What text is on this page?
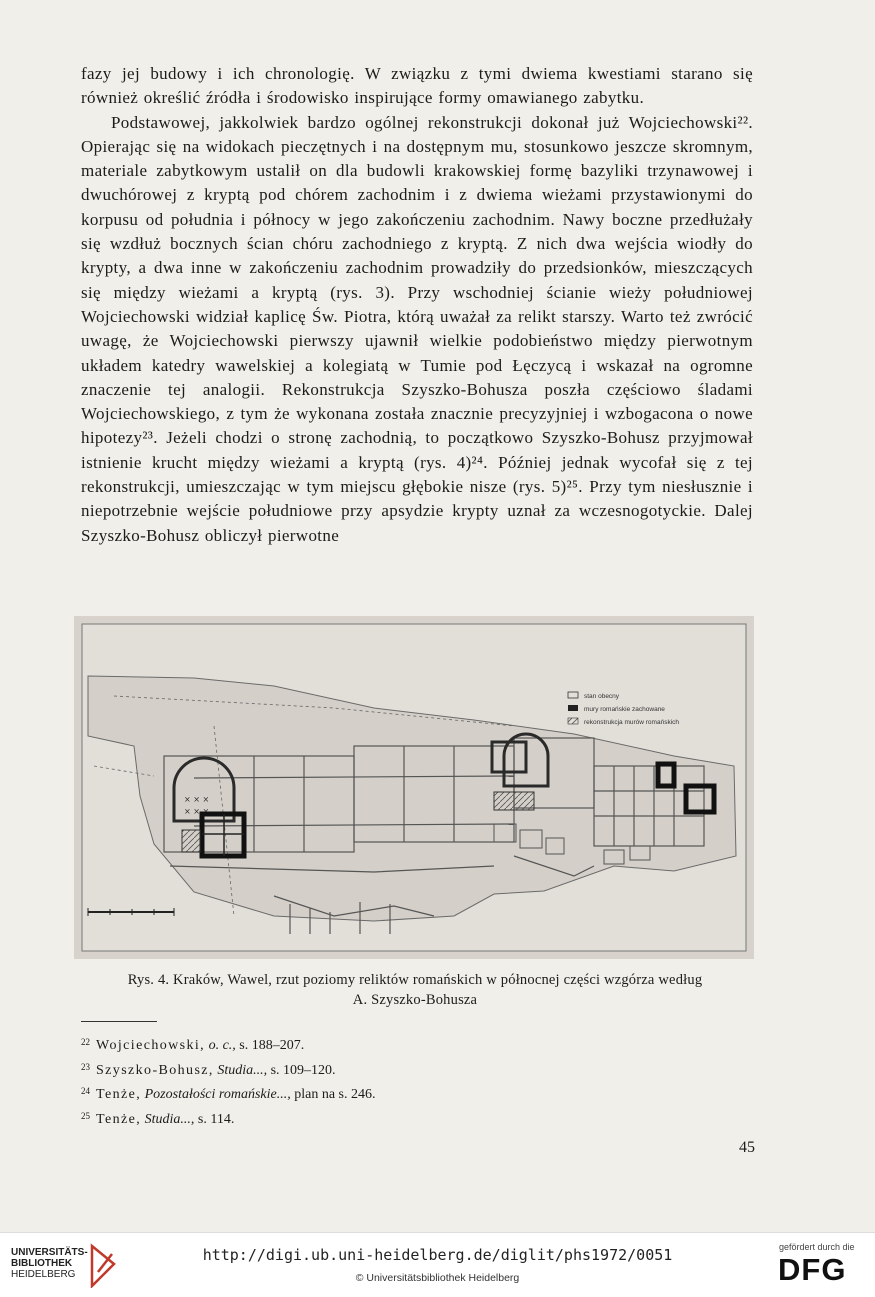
fazy jej budowy i ich chronologię. W związku z tymi dwiema kwestiami starano się również określić źródła i środowisko inspirujące formy omawianego zabytku.

Podstawowej, jakkolwiek bardzo ogólnej rekonstrukcji dokonał już Wojciechowski²². Opierając się na widokach pieczętnych i na dostępnym mu, stosunkowo jeszcze skromnym, materiale zabytkowym ustalił on dla budowli krakowskiej formę bazyliki trzynawowej i dwuchórowej z kryptą pod chórem zachodnim i z dwiema wieżami przystawionymi do korpusu od południa i północy w jego zakończeniu zachodnim. Nawy boczne przedłużały się wzdłuż bocznych ścian chóru zachodniego z kryptą. Z nich dwa wejścia wiodły do krypty, a dwa inne w zakończeniu zachodnim prowadziły do przedsionków, mieszczących się między wieżami a kryptą (rys. 3). Przy wschodniej ścianie wieży południowej Wojciechowski widział kaplicę Św. Piotra, którą uważał za relikt starszy. Warto też zwrócić uwagę, że Wojciechowski pierwszy ujawnił wielkie podobieństwo między pierwotnym układem katedry wawelskiej a kolegiatą w Tumie pod Łęczycą i wskazał na ogromne znaczenie tej analogii. Rekonstrukcja Szyszko-Bohusza poszła częściowo śladami Wojciechowskiego, z tym że wykonana została znacznie precyzyjniej i wzbogacona o nowe hipotezy²³. Jeżeli chodzi o stronę zachodnią, to początkowo Szyszko-Bohusz przyjmował istnienie krucht między wieżami a kryptą (rys. 4)²⁴. Później jednak wycofał się z tej rekonstrukcji, umieszczając w tym miejscu głębokie nisze (rys. 5)²⁵. Przy tym niesłusznie i niepotrzebnie wejście południowe przy apsydzie krypty uznał za wczesnogotyckie. Dalej Szyszko-Bohusz obliczył pierwotne

× × ×
× × ×
stan obecny
mury romańskie zachowane
rekonstrukcja murów romańskich
Rys. 4. Kraków, Wawel, rzut poziomy reliktów romańskich w północnej części wzgórza według
A. Szyszko-Bohusza
$^{22}$ Wojciechowski, o. c., s. 188–207.
$^{23}$ Szyszko-Bohusz, Studia..., s. 109–120.
$^{24}$ Tenże, Pozostałości romańskie..., plan na s. 246.
$^{25}$ Tenże, Studia..., s. 114.
45
UNIVERSITÄTS-
BIBLIOTHEK
HEIDELBERG
http://digi.ub.uni-heidelberg.de/diglit/phs1972/0051
© Universitätsbibliothek Heidelberg
gefördert durch die
DFG
